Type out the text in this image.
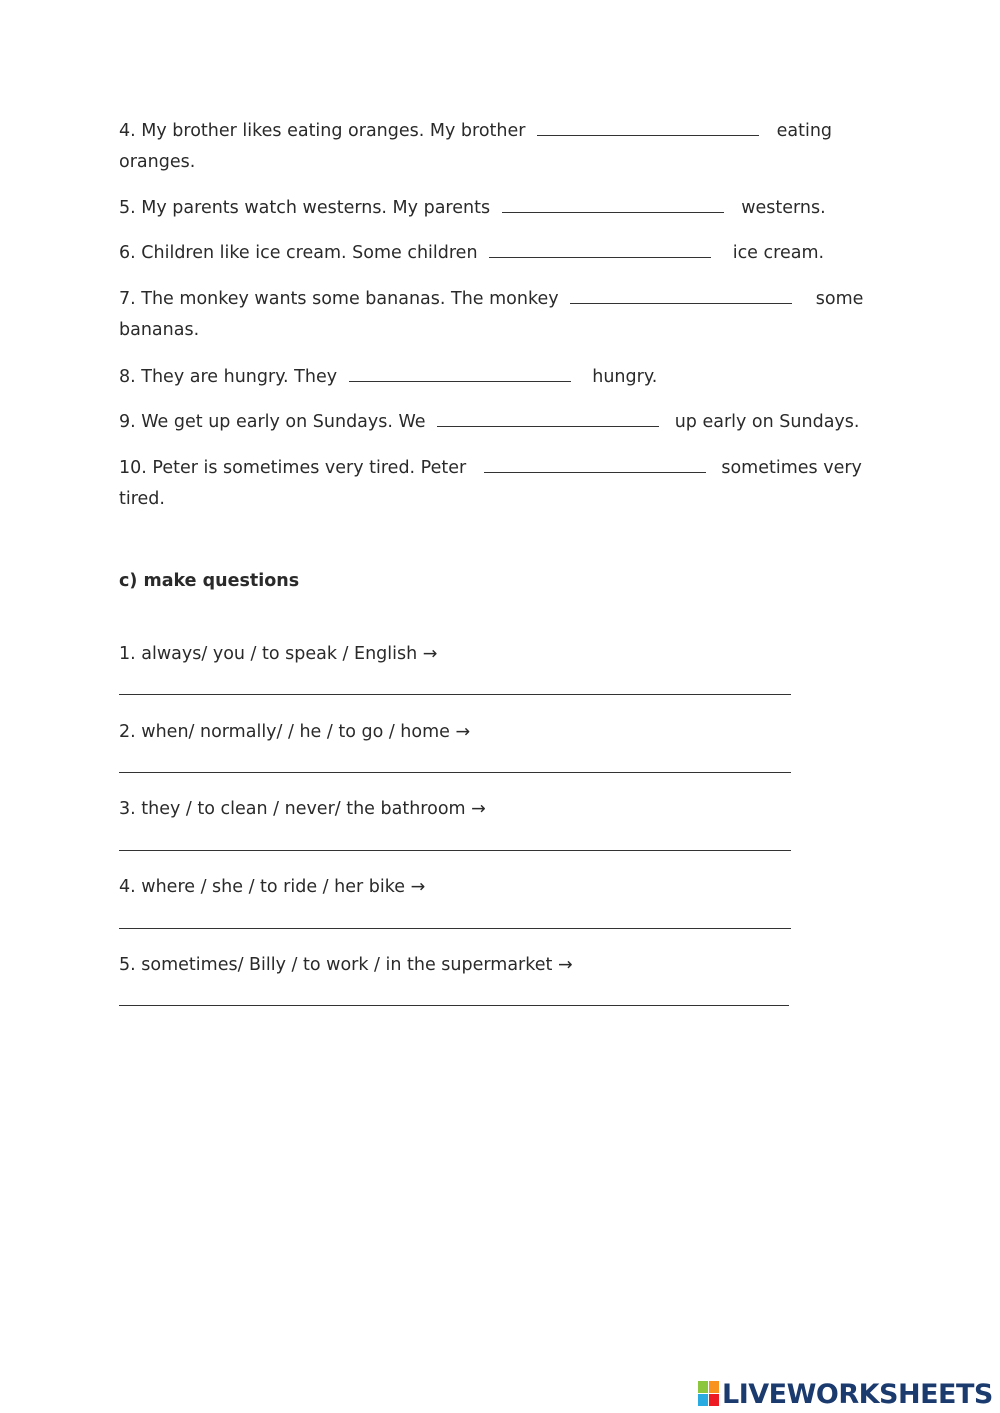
4. My brother likes eating oranges. My brother	eating
oranges.
5. My parents watch westerns. My parents	westerns.
6. Children like ice cream. Some children	ice cream.
7. The monkey wants some bananas. The monkey	some
bananas.
8. They are hungry. They	hungry.
9. We get up early on Sundays. We	up early on Sundays.
10. Peter is sometimes very tired. Peter	sometimes very
tired.
c) make questions
1. always/ you / to speak / English →
2. when/ normally/ / he / to go / home →
3. they / to clean / never/ the bathroom →
4. where / she / to ride / her bike →
5. sometimes/ Billy / to work / in the supermarket →
LIVEWORKSHEETS
